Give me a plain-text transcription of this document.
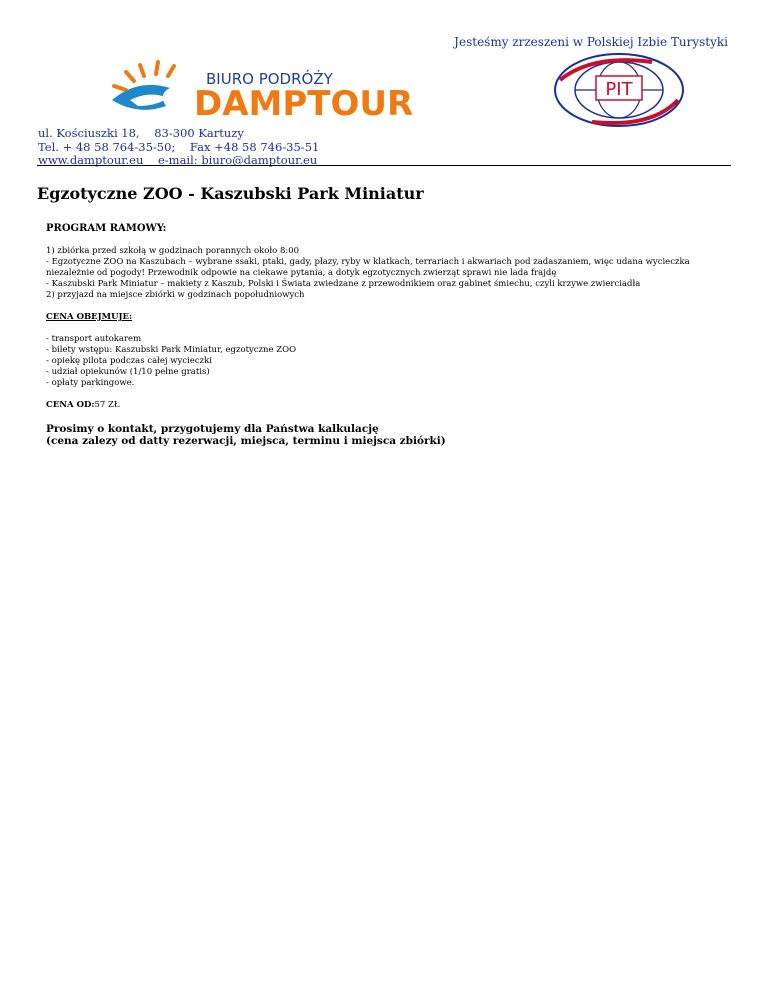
Jesteśmy zrzeszeni w Polskiej Izbie Turystyki
BIURO PODRÓŻY
DAMPTOUR	PIT
ul. Kościuszki 18,    83-300 Kartuzy
Tel. + 48 58 764-35-50;    Fax +48 58 746-35-51
www.damptour.eu    e-mail: biuro@damptour.eu
Egzotyczne ZOO - Kaszubski Park Miniatur
PROGRAM RAMOWY:
1) zbiórka przed szkołą w godzinach porannych około 8:00
- Egzotyczne ZOO na Kaszubach – wybrane ssaki, ptaki, gady, płazy, ryby w klatkach, terrariach i akwariach pod zadaszaniem, więc udana wycieczka niezależnie od pogody! Przewodnik odpowie na ciekawe pytania, a dotyk egzotycznych zwierząt sprawi nie lada frajdę
- Kaszubski Park Miniatur – makiety z Kaszub, Polski i Świata zwiedzane z przewodnikiem oraz gabinet śmiechu, czyli krzywe zwierciadła
2) przyjazd na miejsce zbiórki w godzinach popołudniowych
CENA OBEJMUJE:
- transport autokarem
- bilety wstępu: Kaszubski Park Miniatur, egzotyczne ZOO
- opiekę pilota podczas całej wycieczki
- udział opiekunów (1/10 pełne gratis)
- opłaty parkingowe.
CENA OD:57 ZŁ
Prosimy o kontakt, przygotujemy dla Państwa kalkulację
(cena zalezy od datty rezerwacji, miejsca, terminu i miejsca zbiórki)
